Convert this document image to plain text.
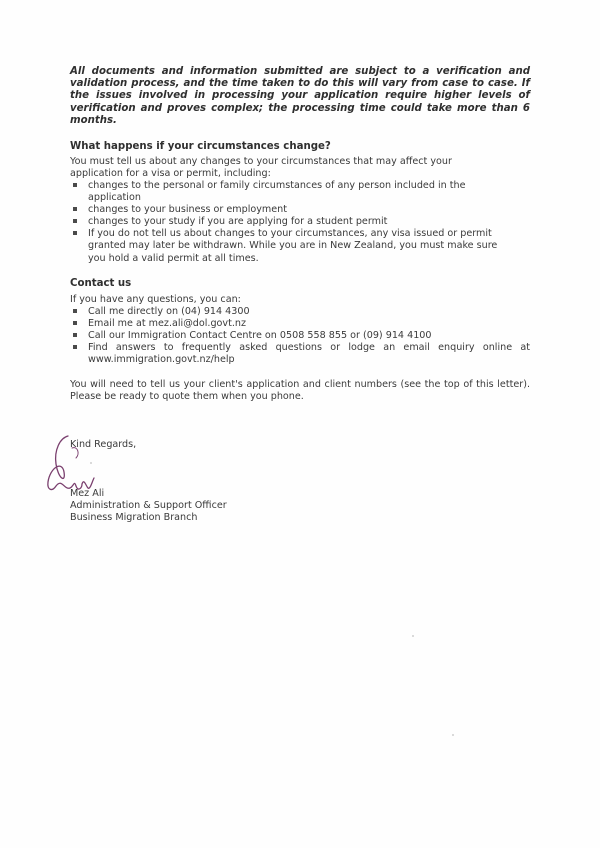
All documents and information submitted are subject to a verification and validation process, and the time taken to do this will vary from case to case. If the issues involved in processing your application require higher levels of verification and proves complex; the processing time could take more than 6 months.

What happens if your circumstances change?

You must tell us about any changes to your circumstances that may affect your application for a visa or permit, including:

changes to the personal or family circumstances of any person included in the application
changes to your business or employment
changes to your study if you are applying for a student permit
If you do not tell us about changes to your circumstances, any visa issued or permit granted may later be withdrawn. While you are in New Zealand, you must make sure you hold a valid permit at all times.

Contact us

If you have any questions, you can:

Call me directly on (04) 914 4300
Email me at mez.ali@dol.govt.nz
Call our Immigration Contact Centre on 0508 558 855 or (09) 914 4100
Find answers to frequently asked questions or lodge an email enquiry online at www.immigration.govt.nz/help

You will need to tell us your client's application and client numbers (see the top of this letter). Please be ready to quote them when you phone.

Kind Regards,

Mez Ali
Administration & Support Officer
Business Migration Branch
